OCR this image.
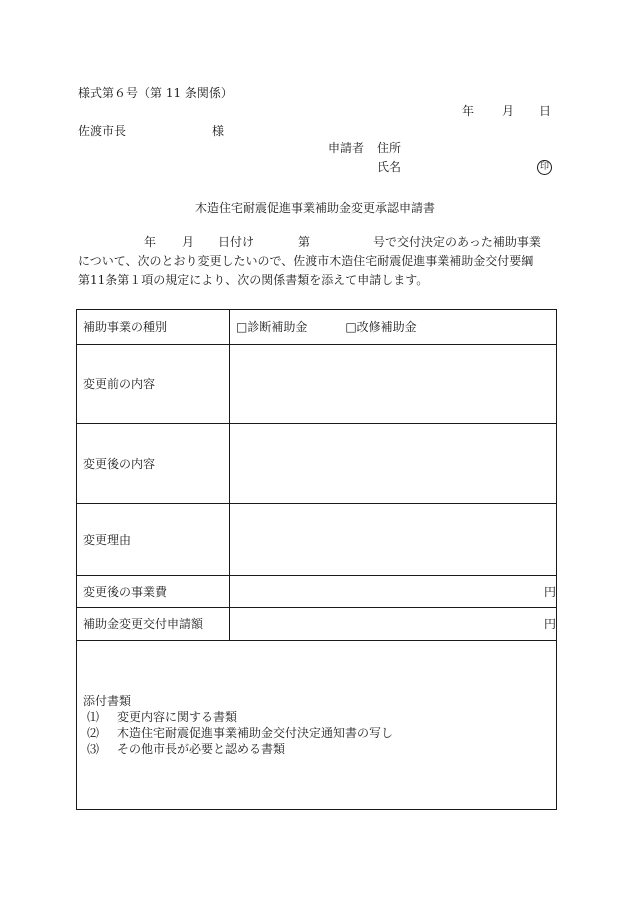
様式第６号（第 11 条関係）
年 月 日
佐渡市長	様
申請者 住所
氏名	印
木造住宅耐震促進事業補助金変更承認申請書
年 月 日付け	第	号で交付決定のあった補助事業
について、次のとおり変更したいので、佐渡市木造住宅耐震促進事業補助金交付要綱
第11条第１項の規定により、次の関係書類を添えて申請します。
補助事業の種別	□診断補助金 □改修補助金
変更前の内容	
変更後の内容	
変更理由	
変更後の事業費	円
補助金変更交付申請額	円

添付書類
⑴ 変更内容に関する書類
⑵ 木造住宅耐震促進事業補助金交付決定通知書の写し
⑶ その他市長が必要と認める書類	
